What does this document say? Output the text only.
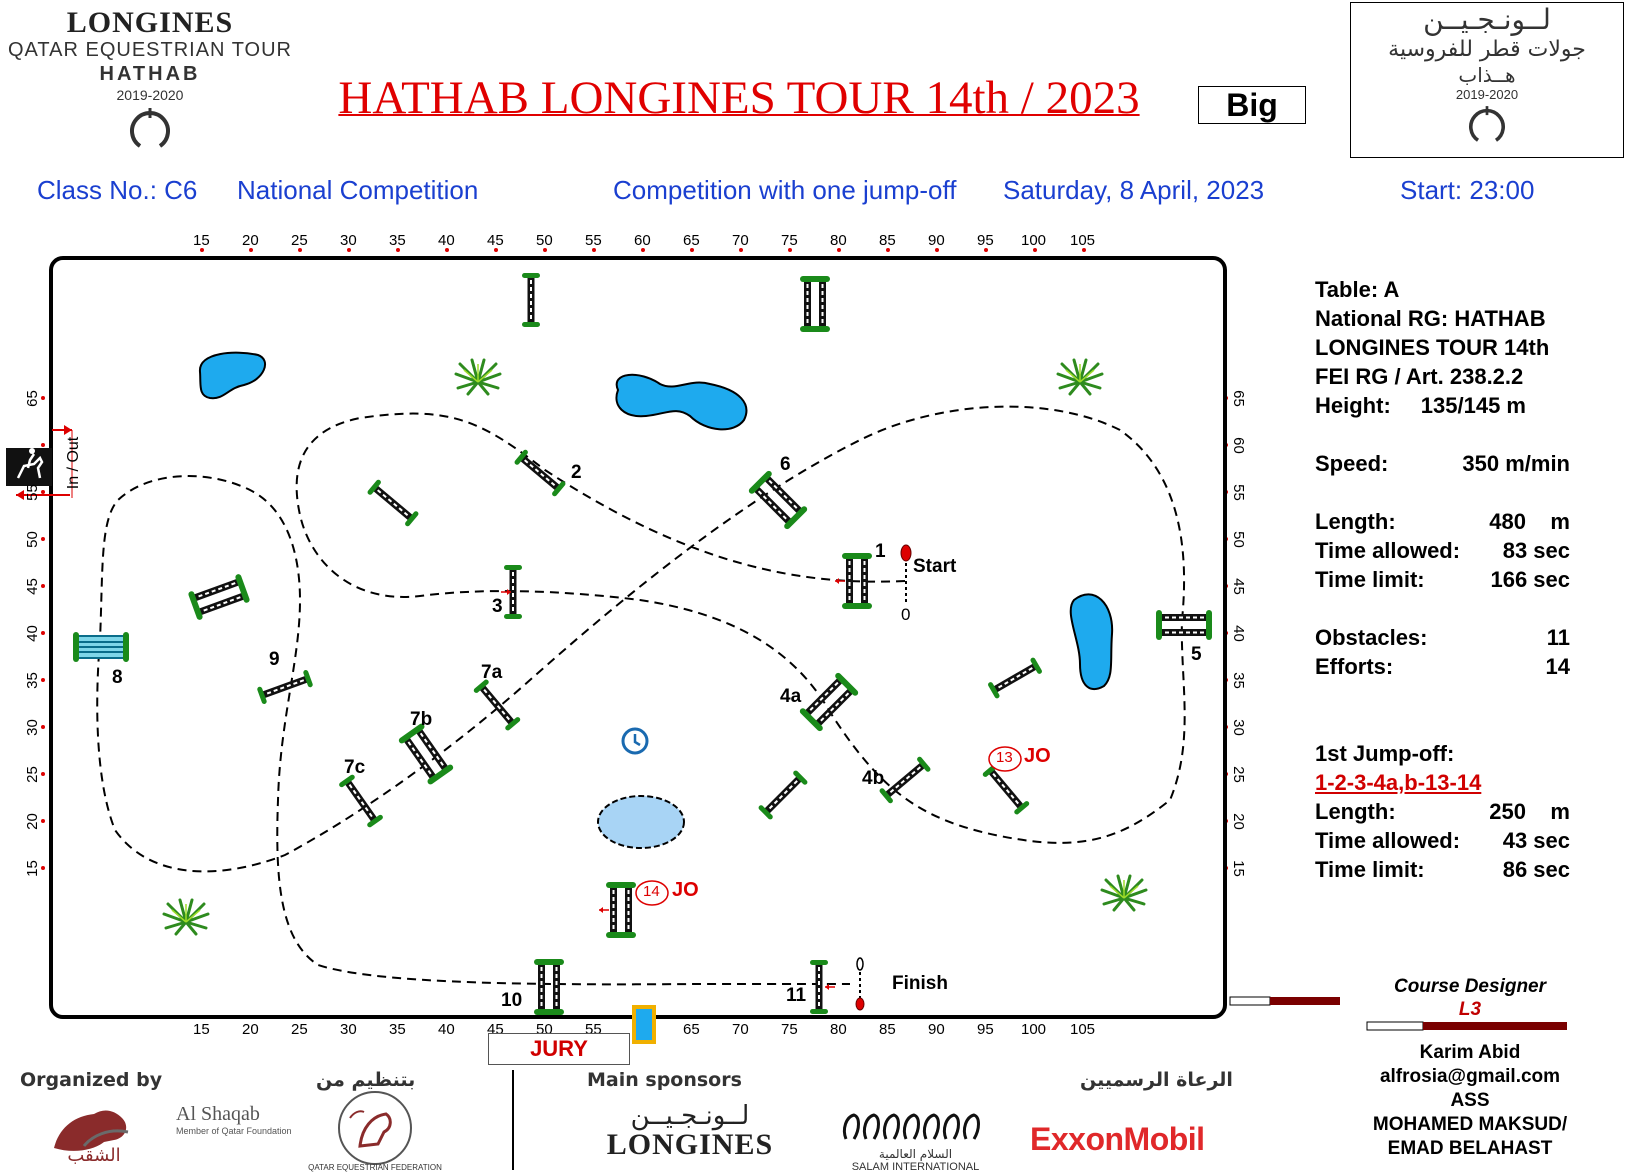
LONGINES
QATAR EQUESTRIAN TOUR
HATHAB
2019-2020	HATHAB LONGINES TOUR 14th / 2023	Big
لــونـجـيــن
جولات قطر للفروسية
هــذاب
2019-2020
Class No.: C6 National Competition	Competition with one jump-off Saturday, 8 April, 2023	Start: 23:00
15 20 25 30 35 40 45 50 55 60 65 70 75 80 85 90 95 100 105
15 20 25 30 35 40 45 50 55	65 70 75 80 85 90 95 100 105
65
55
50
45
40
35
30
25
20
15
65
60
55
50
45
40
35
30
25
20
15
In / Out
1
2
3
4a
4b
5
6
7a
7b
7c
8
9
10	11
13 JO
14 JO
Start
0
Finish
JURY
Table: A
National RG: HATHAB
LONGINES TOUR 14th
FEI RG / Art. 238.2.2
Height: 135/145 m
Speed:	350 m/min
Length:	480    m
Time allowed: 83 sec
Time limit:	166 sec
Obstacles:	11
Efforts:	14
1st Jump-off:
1-2-3-4a,b-13-14
Length:	250    m
Time allowed: 43 sec
Time limit:	86 sec
Course Designer
L3
Karim Abid
alfrosia@gmail.com
ASS
MOHAMED MAKSUD/
EMAD BELAHAST
Organized by	بتنظيم من	Main sponsors	الرعاة الرسميين
الشقب
Al Shaqab
Member of Qatar Foundation
QATAR EQUESTRIAN FEDERATION
لــونـجـيــن
LONGINES	السلام العالمية
SALAM INTERNATIONAL
ExxonMobil
